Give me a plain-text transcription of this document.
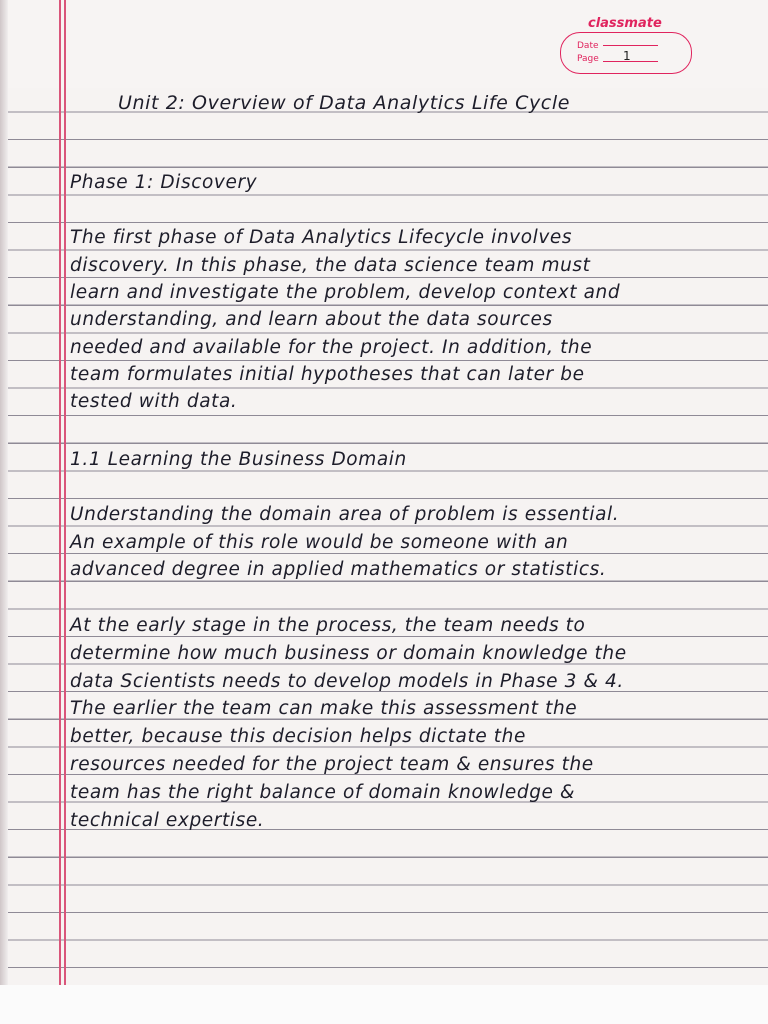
classmate
Date
Page 1
Unit 2: Overview of Data Analytics Life Cycle
Phase 1: Discovery
The first phase of Data Analytics Lifecycle involves
discovery. In this phase, the data science team must
learn and investigate the problem, develop context and
understanding, and learn about the data sources
needed and available for the project. In addition, the
team formulates initial hypotheses that can later be
tested with data.
1.1 Learning the Business Domain
Understanding the domain area of problem is essential.
An example of this role would be someone with an
advanced degree in applied mathematics or statistics.
At the early stage in the process, the team needs to
determine how much business or domain knowledge the
data Scientists needs to develop models in Phase 3 & 4.
The earlier the team can make this assessment the
better, because this decision helps dictate the
resources needed for the project team & ensures the
team has the right balance of domain knowledge &
technical expertise.
